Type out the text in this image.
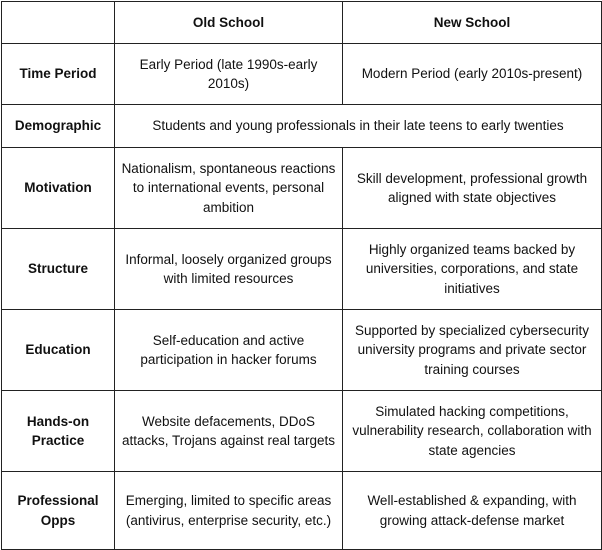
	Old School	New School
Time Period	Early Period (late 1990s-early 2010s)	Modern Period (early 2010s-present)
Demographic	Students and young professionals in their late teens to early twenties	
Motivation	Nationalism, spontaneous reactions to international events, personal ambition	Skill development, professional growth aligned with state objectives
Structure	Informal, loosely organized groups with limited resources	Highly organized teams backed by universities, corporations, and state initiatives
Education	Self-education and active participation in hacker forums	Supported by specialized cybersecurity university programs and private sector training courses
Hands-on Practice	Website defacements, DDoS attacks, Trojans against real targets	Simulated hacking competitions, vulnerability research, collaboration with state agencies
Professional Opps	Emerging, limited to specific areas (antivirus, enterprise security, etc.)	Well-established & expanding, with growing attack-defense market
